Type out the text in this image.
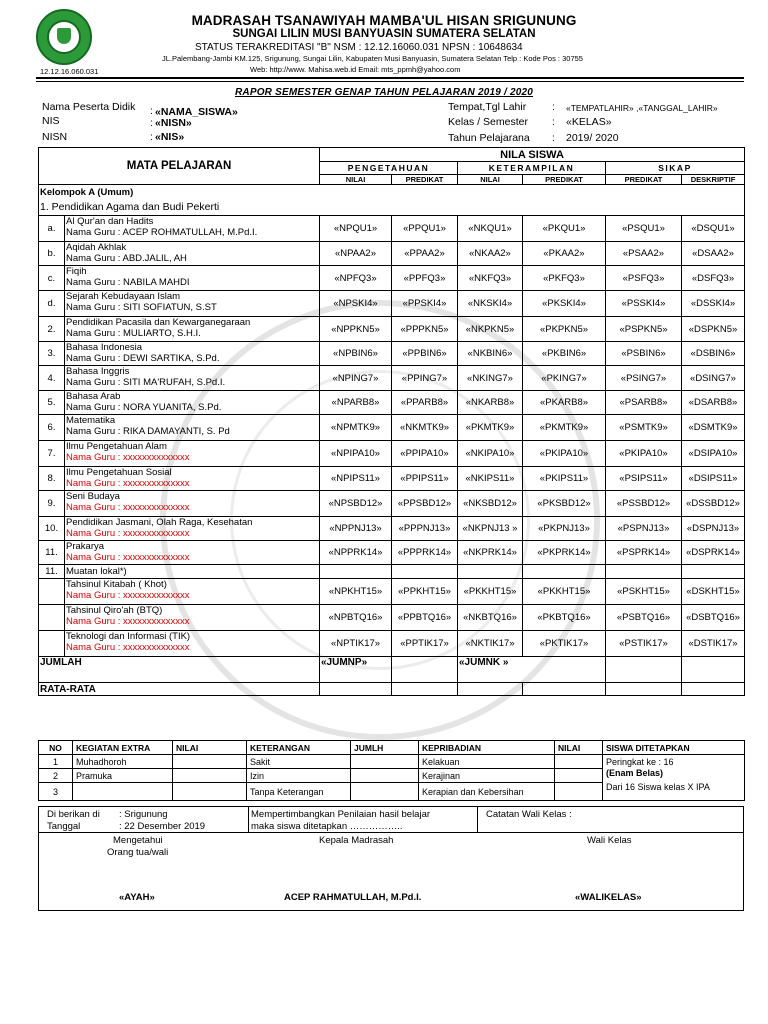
MADRASAH TSANAWIYAH MAMBA'UL HISAN SRIGUNUNG
SUNGAI LILIN MUSI BANYUASIN SUMATERA SELATAN
STATUS TERAKREDITASI "B" NSM : 12.12.16060.031 NPSN : 10648634
JL.Palembang-Jambi KM.125, Srigunung, Sungai Lilin, Kabupaten Musi Banyuasin, Sumatera Selatan Telp : Kode Pos : 30755
Web: http://www. Mahisa.web.id Email: mts_ppmh@yahoo.com
12.12.16.060.031
RAPOR SEMESTER GENAP TAHUN PELAJARAN 2019 / 2020
Nama Peserta Didik : «NAMA_SISWA»
NIS	: «NISN»
NISN	: «NIS»
Tempat,Tgl Lahir : «TEMPATLAHIR» ,«TANGGAL_LAHIR»
Kelas / Semester : «KELAS»
Tahun Pelajarana : 2019/ 2020
MATA PELAJARAN		NILA SISWA					
		PENGETAHUAN		KETERAMPILAN		SIKAP	
		NILAI	PREDIKAT	NILAI	PREDIKAT	PREDIKAT	DESKRIPTIF
Kelompok A (Umum)							
1. Pendidikan Agama dan Budi Pekerti							
a.	Al Qur'an dan Hadits
Nama Guru : ACEP ROHMATULLAH, M.Pd.I.	«NPQU1»	«PPQU1»	«NKQU1»	«PKQU1»	«PSQU1»	«DSQU1»
b.	Aqidah Akhlak
Nama Guru : ABD.JALIL, AH	«NPAA2»	«PPAA2»	«NKAA2»	«PKAA2»	«PSAA2»	«DSAA2»
c.	Fiqih
Nama Guru : NABILA MAHDI	«NPFQ3»	«PPFQ3»	«NKFQ3»	«PKFQ3»	«PSFQ3»	«DSFQ3»
d.	Sejarah Kebudayaan Islam
Nama Guru : SITI SOFIATUN, S.ST	«NPSKI4»	«PPSKI4»	«NKSKI4»	«PKSKI4»	«PSSKI4»	«DSSKI4»
2.	Pendidikan Pacasila dan Kewarganegaraan
Nama Guru : MULIARTO, S.H.I.	«NPPKN5»	«PPPKN5»	«NKPKN5»	«PKPKN5»	«PSPKN5»	«DSPKN5»
3.	Bahasa Indonesia
Nama Guru : DEWI SARTIKA, S.Pd.	«NPBIN6»	«PPBIN6»	«NKBIN6»	«PKBIN6»	«PSBIN6»	«DSBIN6»
4.	Bahasa Inggris
Nama Guru : SITI MA'RUFAH, S.Pd.I.	«NPING7»	«PPING7»	«NKING7»	«PKING7»	«PSING7»	«DSING7»
5.	Bahasa Arab
Nama Guru : NORA YUANITA, S.Pd.	«NPARB8»	«PPARB8»	«NKARB8»	«PKARB8»	«PSARB8»	«DSARB8»
6.	Matematika
Nama Guru : RIKA DAMAYANTI, S. Pd	«NPMTK9»	«NKMTK9»	«PKMTK9»	«PKMTK9»	«PSMTK9»	«DSMTK9»
7.	Ilmu Pengetahuan Alam
Nama Guru : xxxxxxxxxxxxxx	«NPIPA10»	«PPIPA10»	«NKIPA10»	«PKIPA10»	«PKIPA10»	«DSIPA10»
8.	Ilmu Pengetahuan Sosial
Nama Guru : xxxxxxxxxxxxxx	«NPIPS11»	«PPIPS11»	«NKIPS11»	«PKIPS11»	«PSIPS11»	«DSIPS11»
9.	Seni Budaya
Nama Guru : xxxxxxxxxxxxxx	«NPSBD12»	«PPSBD12»	«NKSBD12»	«PKSBD12»	«PSSBD12»	«DSSBD12»
10.	Pendidikan Jasmani, Olah Raga, Kesehatan
Nama Guru : xxxxxxxxxxxxxx	«NPPNJ13»	«PPPNJ13»	«NKPNJ13 »	«PKPNJ13»	«PSPNJ13»	«DSPNJ13»
11.	Prakarya
Nama Guru : xxxxxxxxxxxxxx	«NPPRK14»	«PPPRK14»	«NKPRK14»	«PKPRK14»	«PSPRK14»	«DSPRK14»
11.	Muatan lokal*)						

	Tahsinul Kitabah ( Khot)
Nama Guru : xxxxxxxxxxxxxx	«NPKHT15»	«PPKHT15»	«PKKHT15»	«PKKHT15»	«PSKHT15»	«DSKHT15»

	Tahsinul Qiro'ah (BTQ)
Nama Guru : xxxxxxxxxxxxxx	«NPBTQ16»	«PPBTQ16»	«NKBTQ16»	«PKBTQ16»	«PSBTQ16»	«DSBTQ16»

	Teknologi dan Informasi (TIK)
Nama Guru : xxxxxxxxxxxxxx	«NPTIK17»	«PPTIK17»	«NKTIK17»	«PKTIK17»	«PSTIK17»	«DSTIK17»
JUMLAH		«JUMNP»		«JUMNK »			
RATA-RATA							
NO	KEGIATAN EXTRA	NILAI	KETERANGAN	JUMLH	KEPRIBADIAN	NILAI	SISWA DITETAPKAN
1	Muhadhoroh		Sakit		Kelakuan		Peringkat ke : 16
(Enam Belas)
Dari 16 Siswa kelas X IPA

2	Pramuka		Izin		Kerajinan		
3			Tanpa Keterangan		Kerapian dan Kebersihan		
Di berikan di : Srigunung
Tanggal	: 22 Desember 2019
Mempertimbangkan Penilaian hasil belajar
maka siswa ditetapkan ……………..
Catatan Wali Kelas :
Mengetahui
Orang tua/wali
Kepala Madrasah	Wali Kelas
«AYAH»	ACEP RAHMATULLAH, M.Pd.I.	«WALIKELAS»
